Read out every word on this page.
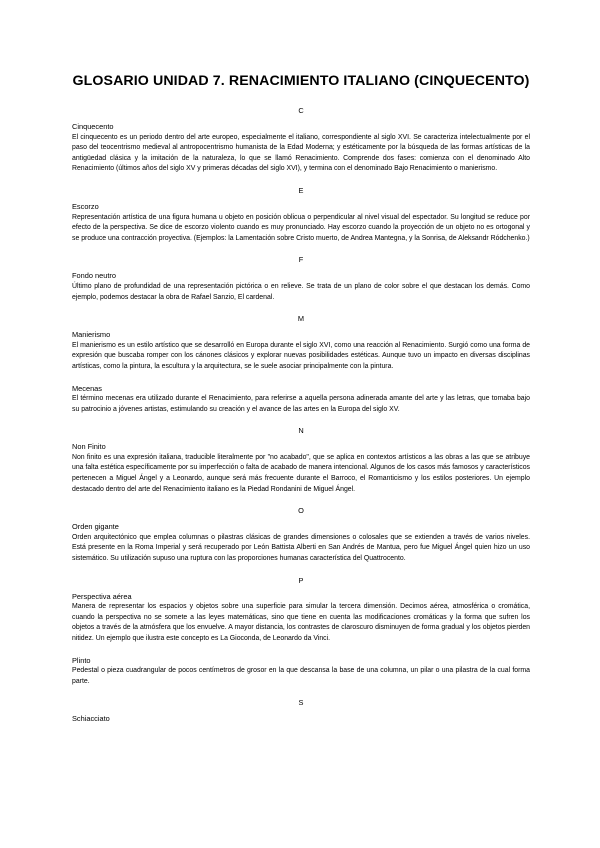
GLOSARIO UNIDAD 7. RENACIMIENTO ITALIANO (CINQUECENTO)
C
Cinquecento

El cinquecento es un periodo dentro del arte europeo, especialmente el italiano, correspondiente al siglo XVI. Se caracteriza intelectualmente por el paso del teocentrismo medieval al antropocentrismo humanista de la Edad Moderna; y estéticamente por la búsqueda de las formas artísticas de la antigüedad clásica y la imitación de la naturaleza, lo que se llamó Renacimiento. Comprende dos fases: comienza con el denominado Alto Renacimiento (últimos años del siglo XV y primeras décadas del siglo XVI), y termina con el denominado Bajo Renacimiento o manierismo.

E
Escorzo

Representación artística de una figura humana u objeto en posición oblicua o perpendicular al nivel visual del espectador. Su longitud se reduce por efecto de la perspectiva. Se dice de escorzo violento cuando es muy pronunciado. Hay escorzo cuando la proyección de un objeto no es ortogonal y se produce una contracción proyectiva. (Ejemplos: la Lamentación sobre Cristo muerto, de Andrea Mantegna, y la Sonrisa, de Aleksandr Ródchenko.)

F
Fondo neutro

Último plano de profundidad de una representación pictórica o en relieve. Se trata de un plano de color sobre el que destacan los demás. Como ejemplo, podemos destacar la obra de Rafael Sanzio, El cardenal.

M
Manierismo

El manierismo es un estilo artístico que se desarrolló en Europa durante el siglo XVI, como una reacción al Renacimiento. Surgió como una forma de expresión que buscaba romper con los cánones clásicos y explorar nuevas posibilidades estéticas. Aunque tuvo un impacto en diversas disciplinas artísticas, como la pintura, la escultura y la arquitectura, se le suele asociar principalmente con la pintura.

Mecenas

El término mecenas era utilizado durante el Renacimiento, para referirse a aquella persona adinerada amante del arte y las letras, que tomaba bajo su patrocinio a jóvenes artistas, estimulando su creación y el avance de las artes en la Europa del siglo XV.

N
Non Finito

Non finito es una expresión italiana, traducible literalmente por "no acabado", que se aplica en contextos artísticos a las obras a las que se atribuye una falta estética específicamente por su imperfección o falta de acabado de manera intencional. Algunos de los casos más famosos y característicos pertenecen a Miguel Ángel y a Leonardo, aunque será más frecuente durante el Barroco, el Romanticismo y los estilos posteriores. Un ejemplo destacado dentro del arte del Renacimiento italiano es la Piedad Rondanini de Miguel Ángel.

O
Orden gigante

Orden arquitectónico que emplea columnas o pilastras clásicas de grandes dimensiones o colosales que se extienden a través de varios niveles. Está presente en la Roma Imperial y será recuperado por León Battista Alberti en San Andrés de Mantua, pero fue Miguel Ángel quien hizo un uso sistemático. Su utilización supuso una ruptura con las proporciones humanas característica del Quattrocento.

P
Perspectiva aérea

Manera de representar los espacios y objetos sobre una superficie para simular la tercera dimensión. Decimos aérea, atmosférica o cromática, cuando la perspectiva no se somete a las leyes matemáticas, sino que tiene en cuenta las modificaciones cromáticas y la forma que sufren los objetos a través de la atmósfera que los envuelve. A mayor distancia, los contrastes de claroscuro disminuyen de forma gradual y los objetos pierden nitidez. Un ejemplo que ilustra este concepto es La Gioconda, de Leonardo da Vinci.

Plinto

Pedestal o pieza cuadrangular de pocos centímetros de grosor en la que descansa la base de una columna, un pilar o una pilastra de la cual forma parte.

S
Schiacciato
